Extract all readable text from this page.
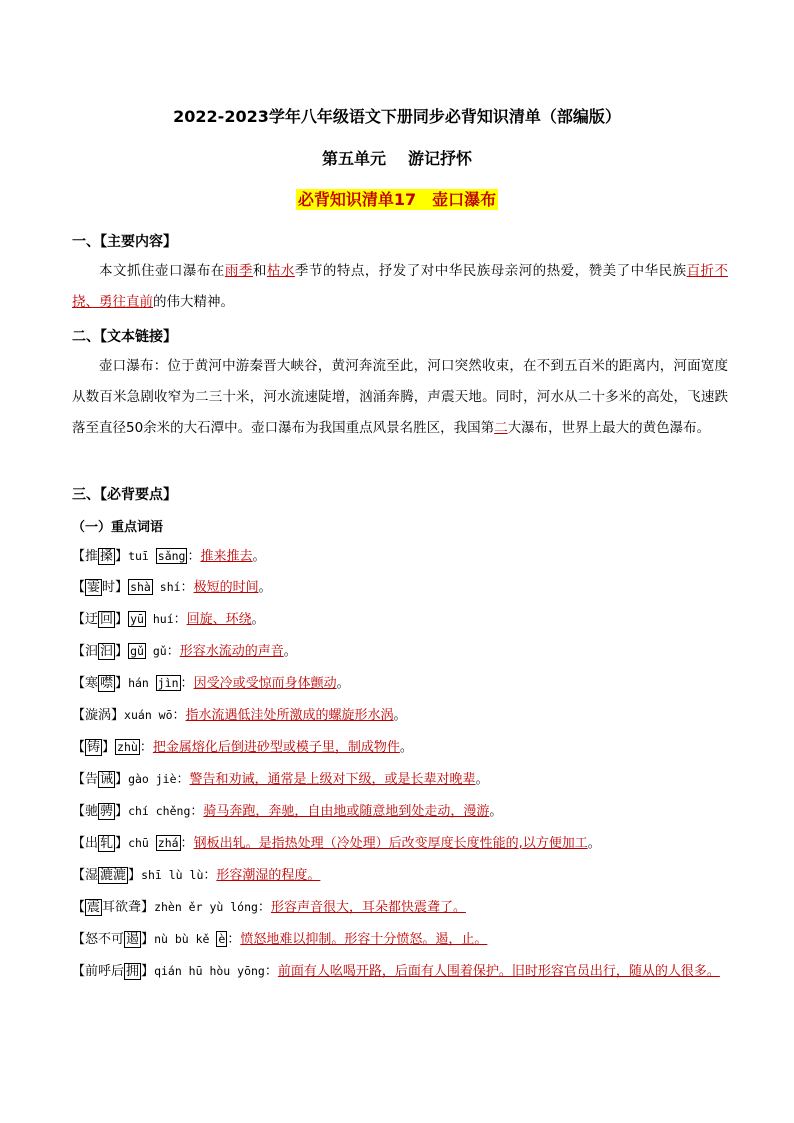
2022-2023学年八年级语文下册同步必背知识清单（部编版）
第五单元 游记抒怀
必背知识清单17　壶口瀑布
一、【主要内容】
本文抓住壶口瀑布在雨季和枯水季节的特点，抒发了对中华民族母亲河的热爱，赞美了中华民族百折不挠、勇往直前的伟大精神。
二、【文本链接】
壶口瀑布：位于黄河中游秦晋大峡谷，黄河奔流至此，河口突然收束，在不到五百米的距离内，河面宽度从数百米急剧收窄为二三十米，河水流速陡增，汹涌奔腾，声震天地。同时，河水从二十多米的高处，飞速跌落至直径50余米的大石潭中。壶口瀑布为我国重点风景名胜区，我国第二大瀑布，世界上最大的黄色瀑布。
三、【必背要点】
（一）重点词语
【推 搡 】tuī sǎng ：推来推去。
【 霎 时】 shà shí：极短的时间。
【迂 回 】 yū huí：回旋、环绕。
【汩 汩 】 gǔ gǔ：形容水流动的声音。
【寒 噤 】hán jìn ：因受冷或受惊而身体颤动。
【漩涡】xuán wō：指水流遇低洼处所激成的螺旋形水涡。
【 铸 】 zhù ：把金属熔化后倒进砂型或模子里，制成物件。
【告 诫 】gào jiè：警告和劝诫，通常是上级对下级，或是长辈对晚辈。
【驰 骋 】chí chěng：骑马奔跑，奔驰，自由地或随意地到处走动，漫游。
【出 轧 】chū zhá ：钢板出轧。是指热处理（冷处理）后改变厚度长度性能的,以方便加工。
【湿 漉漉 】shī lù lù：形容潮湿的程度。
【 震 耳欲聋】zhèn ěr yù lóng：形容声音很大，耳朵都快震聋了。
【怒不可 遏 】nù bù kě è ：愤怒地难以抑制。形容十分愤怒。遏，止。
【前呼后 拥 】qián hū hòu yōng：前面有人吆喝开路，后面有人围着保护。旧时形容官员出行，随从的人很多。
